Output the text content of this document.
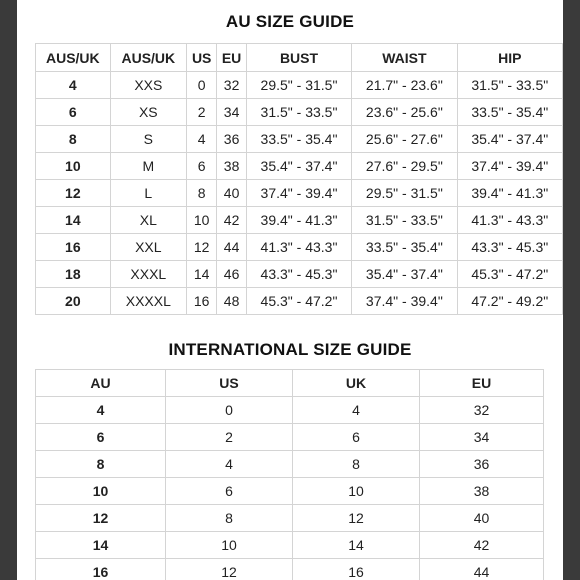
AU SIZE GUIDE
AUS/UK	AUS/UK	US	EU	BUST	WAIST	HIP
4	XXS	0	32	29.5" - 31.5"	21.7" - 23.6"	31.5" - 33.5"
6	XS	2	34	31.5" - 33.5"	23.6" - 25.6"	33.5" - 35.4"
8	S	4	36	33.5" - 35.4"	25.6" - 27.6"	35.4" - 37.4"
10	M	6	38	35.4" - 37.4"	27.6" - 29.5"	37.4" - 39.4"
12	L	8	40	37.4" - 39.4"	29.5" - 31.5"	39.4" - 41.3"
14	XL	10	42	39.4" - 41.3"	31.5" - 33.5"	41.3" - 43.3"
16	XXL	12	44	41.3" - 43.3"	33.5" - 35.4"	43.3" - 45.3"
18	XXXL	14	46	43.3" - 45.3"	35.4" - 37.4"	45.3" - 47.2"
20	XXXXL	16	48	45.3" - 47.2"	37.4" - 39.4"	47.2" - 49.2"
INTERNATIONAL SIZE GUIDE
AU	US	UK	EU
4	0	4	32
6	2	6	34
8	4	8	36
10	6	10	38
12	8	12	40
14	10	14	42
16	12	16	44
